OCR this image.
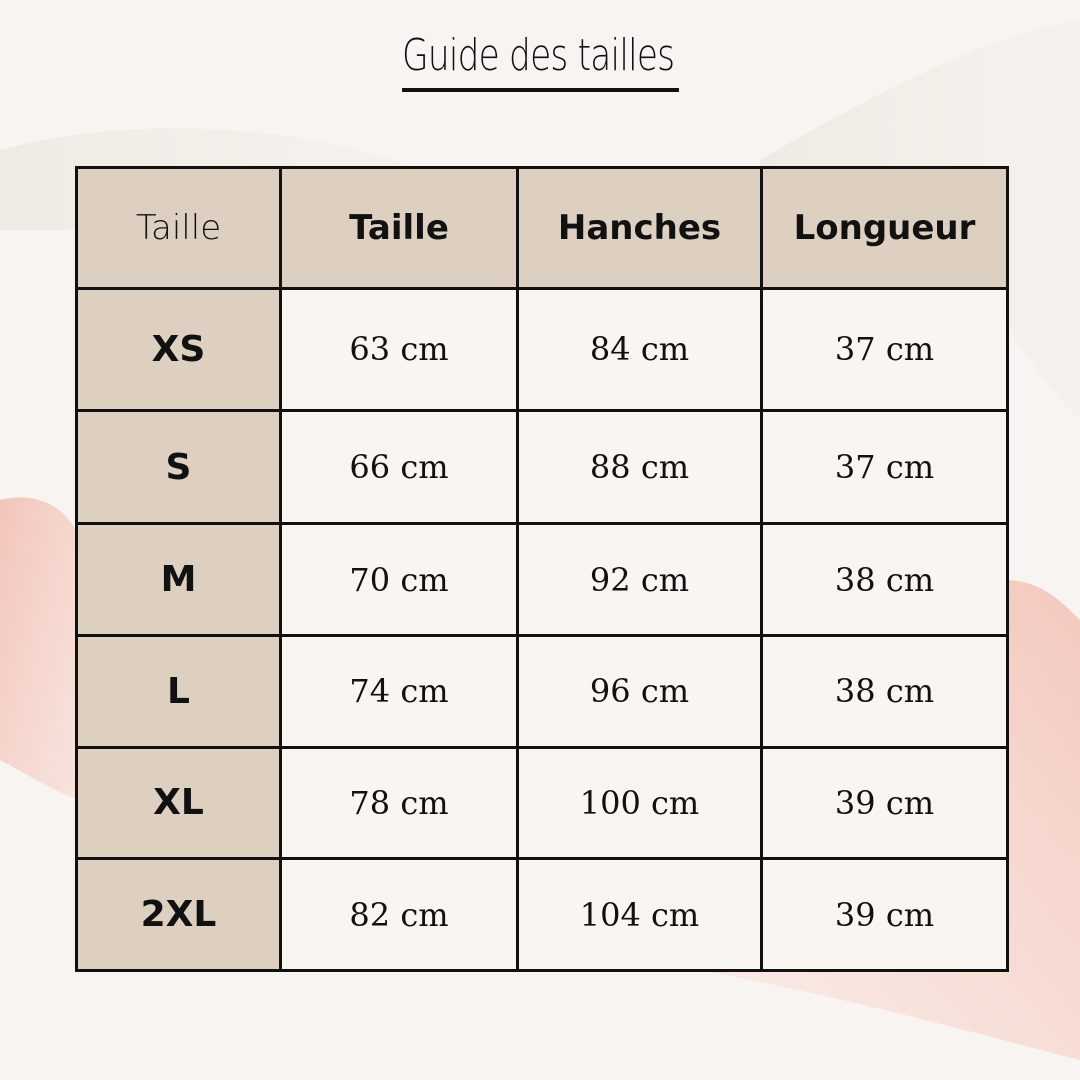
Guide des tailles
Taille	Taille	Hanches	Longueur
XS	63 cm	84 cm	37 cm
S	66 cm	88 cm	37 cm
M	70 cm	92 cm	38 cm
L	74 cm	96 cm	38 cm
XL	78 cm	100 cm	39 cm
2XL	82 cm	104 cm	39 cm
